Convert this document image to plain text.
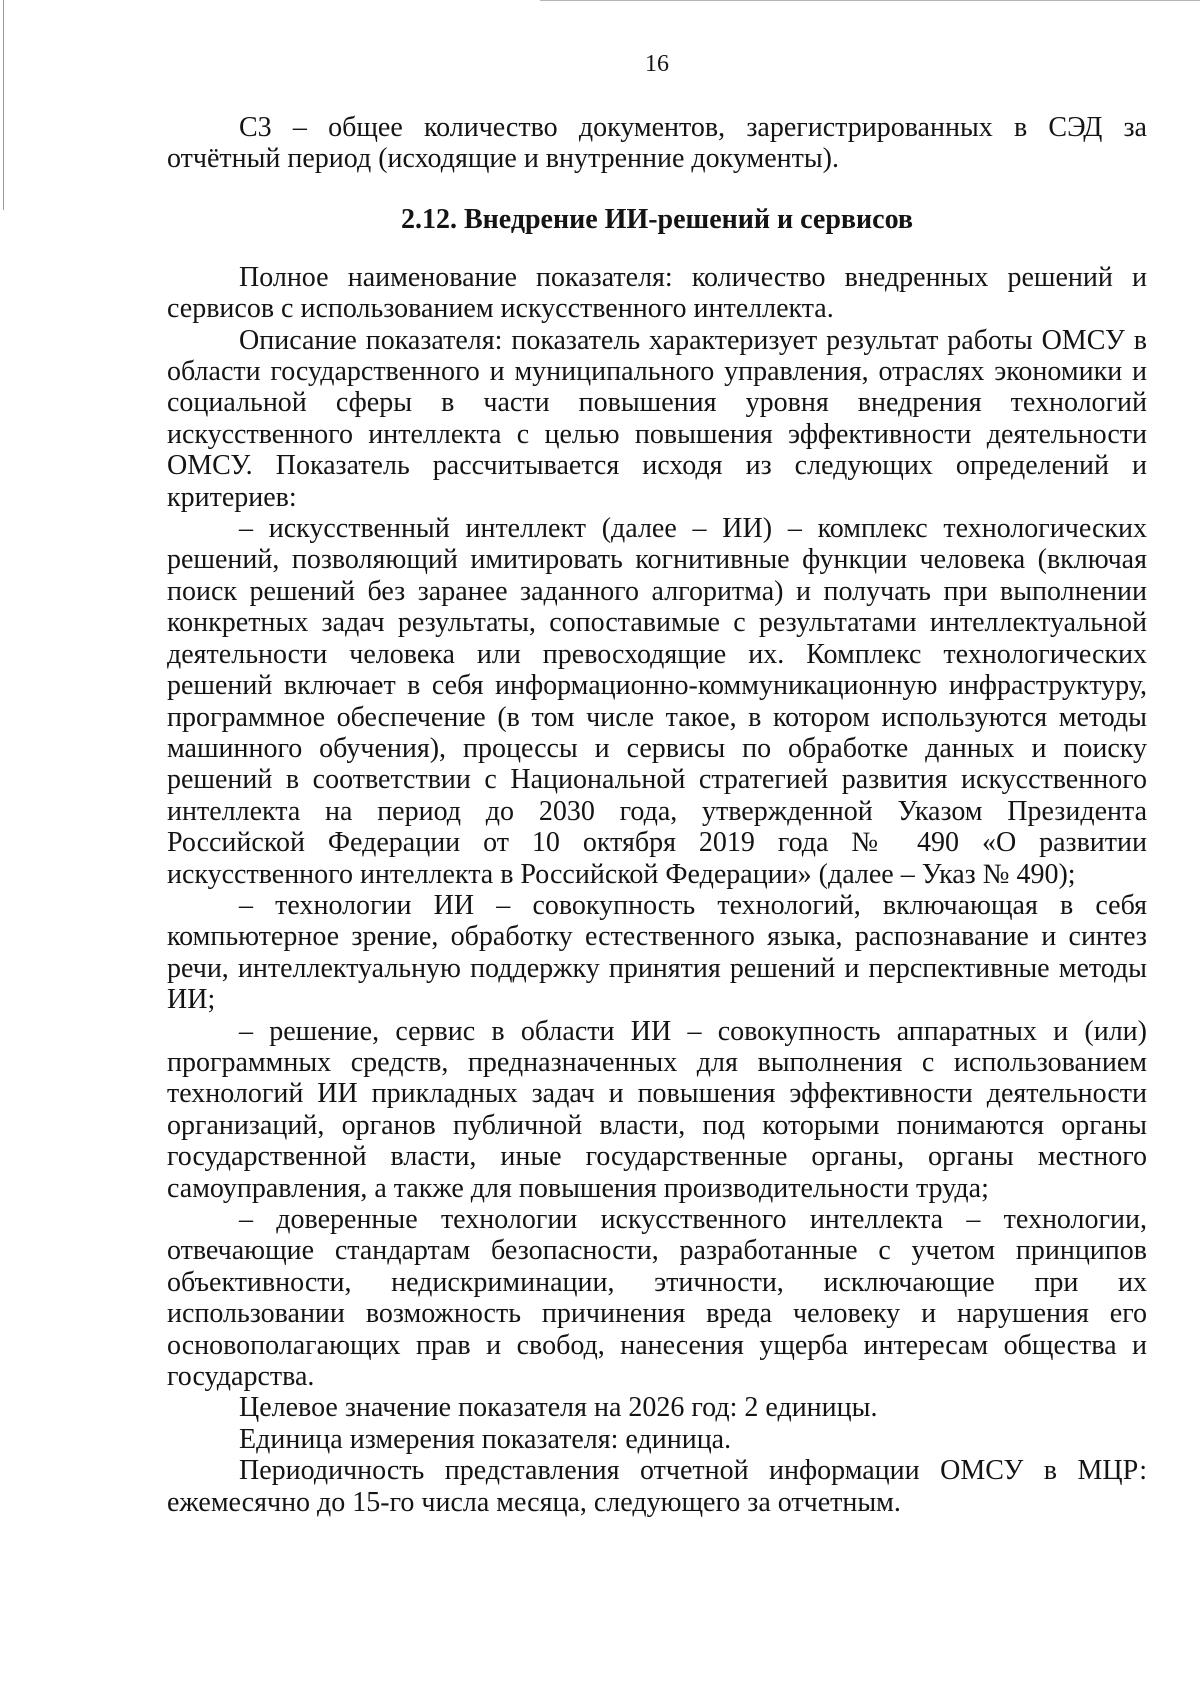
16

С3 – общее количество документов, зарегистрированных в СЭД за отчётный период (исходящие и внутренние документы).

2.12. Внедрение ИИ-решений и сервисов

Полное наименование показателя: количество внедренных решений и сервисов с использованием искусственного интеллекта.

Описание показателя: показатель характеризует результат работы ОМСУ в области государственного и муниципального управления, отраслях экономики и социальной сферы в части повышения уровня внедрения технологий искусственного интеллекта с целью повышения эффективности деятельности ОМСУ. Показатель рассчитывается исходя из следующих определений и критериев:

– искусственный интеллект (далее – ИИ) – комплекс технологических решений, позволяющий имитировать когнитивные функции человека (включая поиск решений без заранее заданного алгоритма) и получать при выполнении конкретных задач результаты, сопоставимые с результатами интеллектуальной деятельности человека или превосходящие их. Комплекс технологических решений включает в себя информационно-коммуникационную инфраструктуру, программное обеспечение (в том числе такое, в котором используются методы машинного обучения), процессы и сервисы по обработке данных и поиску решений в соответствии с Национальной стратегией развития искусственного интеллекта на период до 2030 года, утвержденной Указом Президента Российской Федерации от 10 октября 2019 года № 490 «О развитии искусственного интеллекта в Российской Федерации» (далее – Указ № 490);

– технологии ИИ – совокупность технологий, включающая в себя компьютерное зрение, обработку естественного языка, распознавание и синтез речи, интеллектуальную поддержку принятия решений и перспективные методы ИИ;

– решение, сервис в области ИИ – совокупность аппаратных и (или) программных средств, предназначенных для выполнения с использованием технологий ИИ прикладных задач и повышения эффективности деятельности организаций, органов публичной власти, под которыми понимаются органы государственной власти, иные государственные органы, органы местного самоуправления, а также для повышения производительности труда;

– доверенные технологии искусственного интеллекта – технологии, отвечающие стандартам безопасности, разработанные с учетом принципов объективности, недискриминации, этичности, исключающие при их использовании возможность причинения вреда человеку и нарушения его основополагающих прав и свобод, нанесения ущерба интересам общества и государства.

Целевое значение показателя на 2026 год: 2 единицы.

Единица измерения показателя: единица.

Периодичность представления отчетной информации ОМСУ в МЦР: ежемесячно до 15-го числа месяца, следующего за отчетным.
